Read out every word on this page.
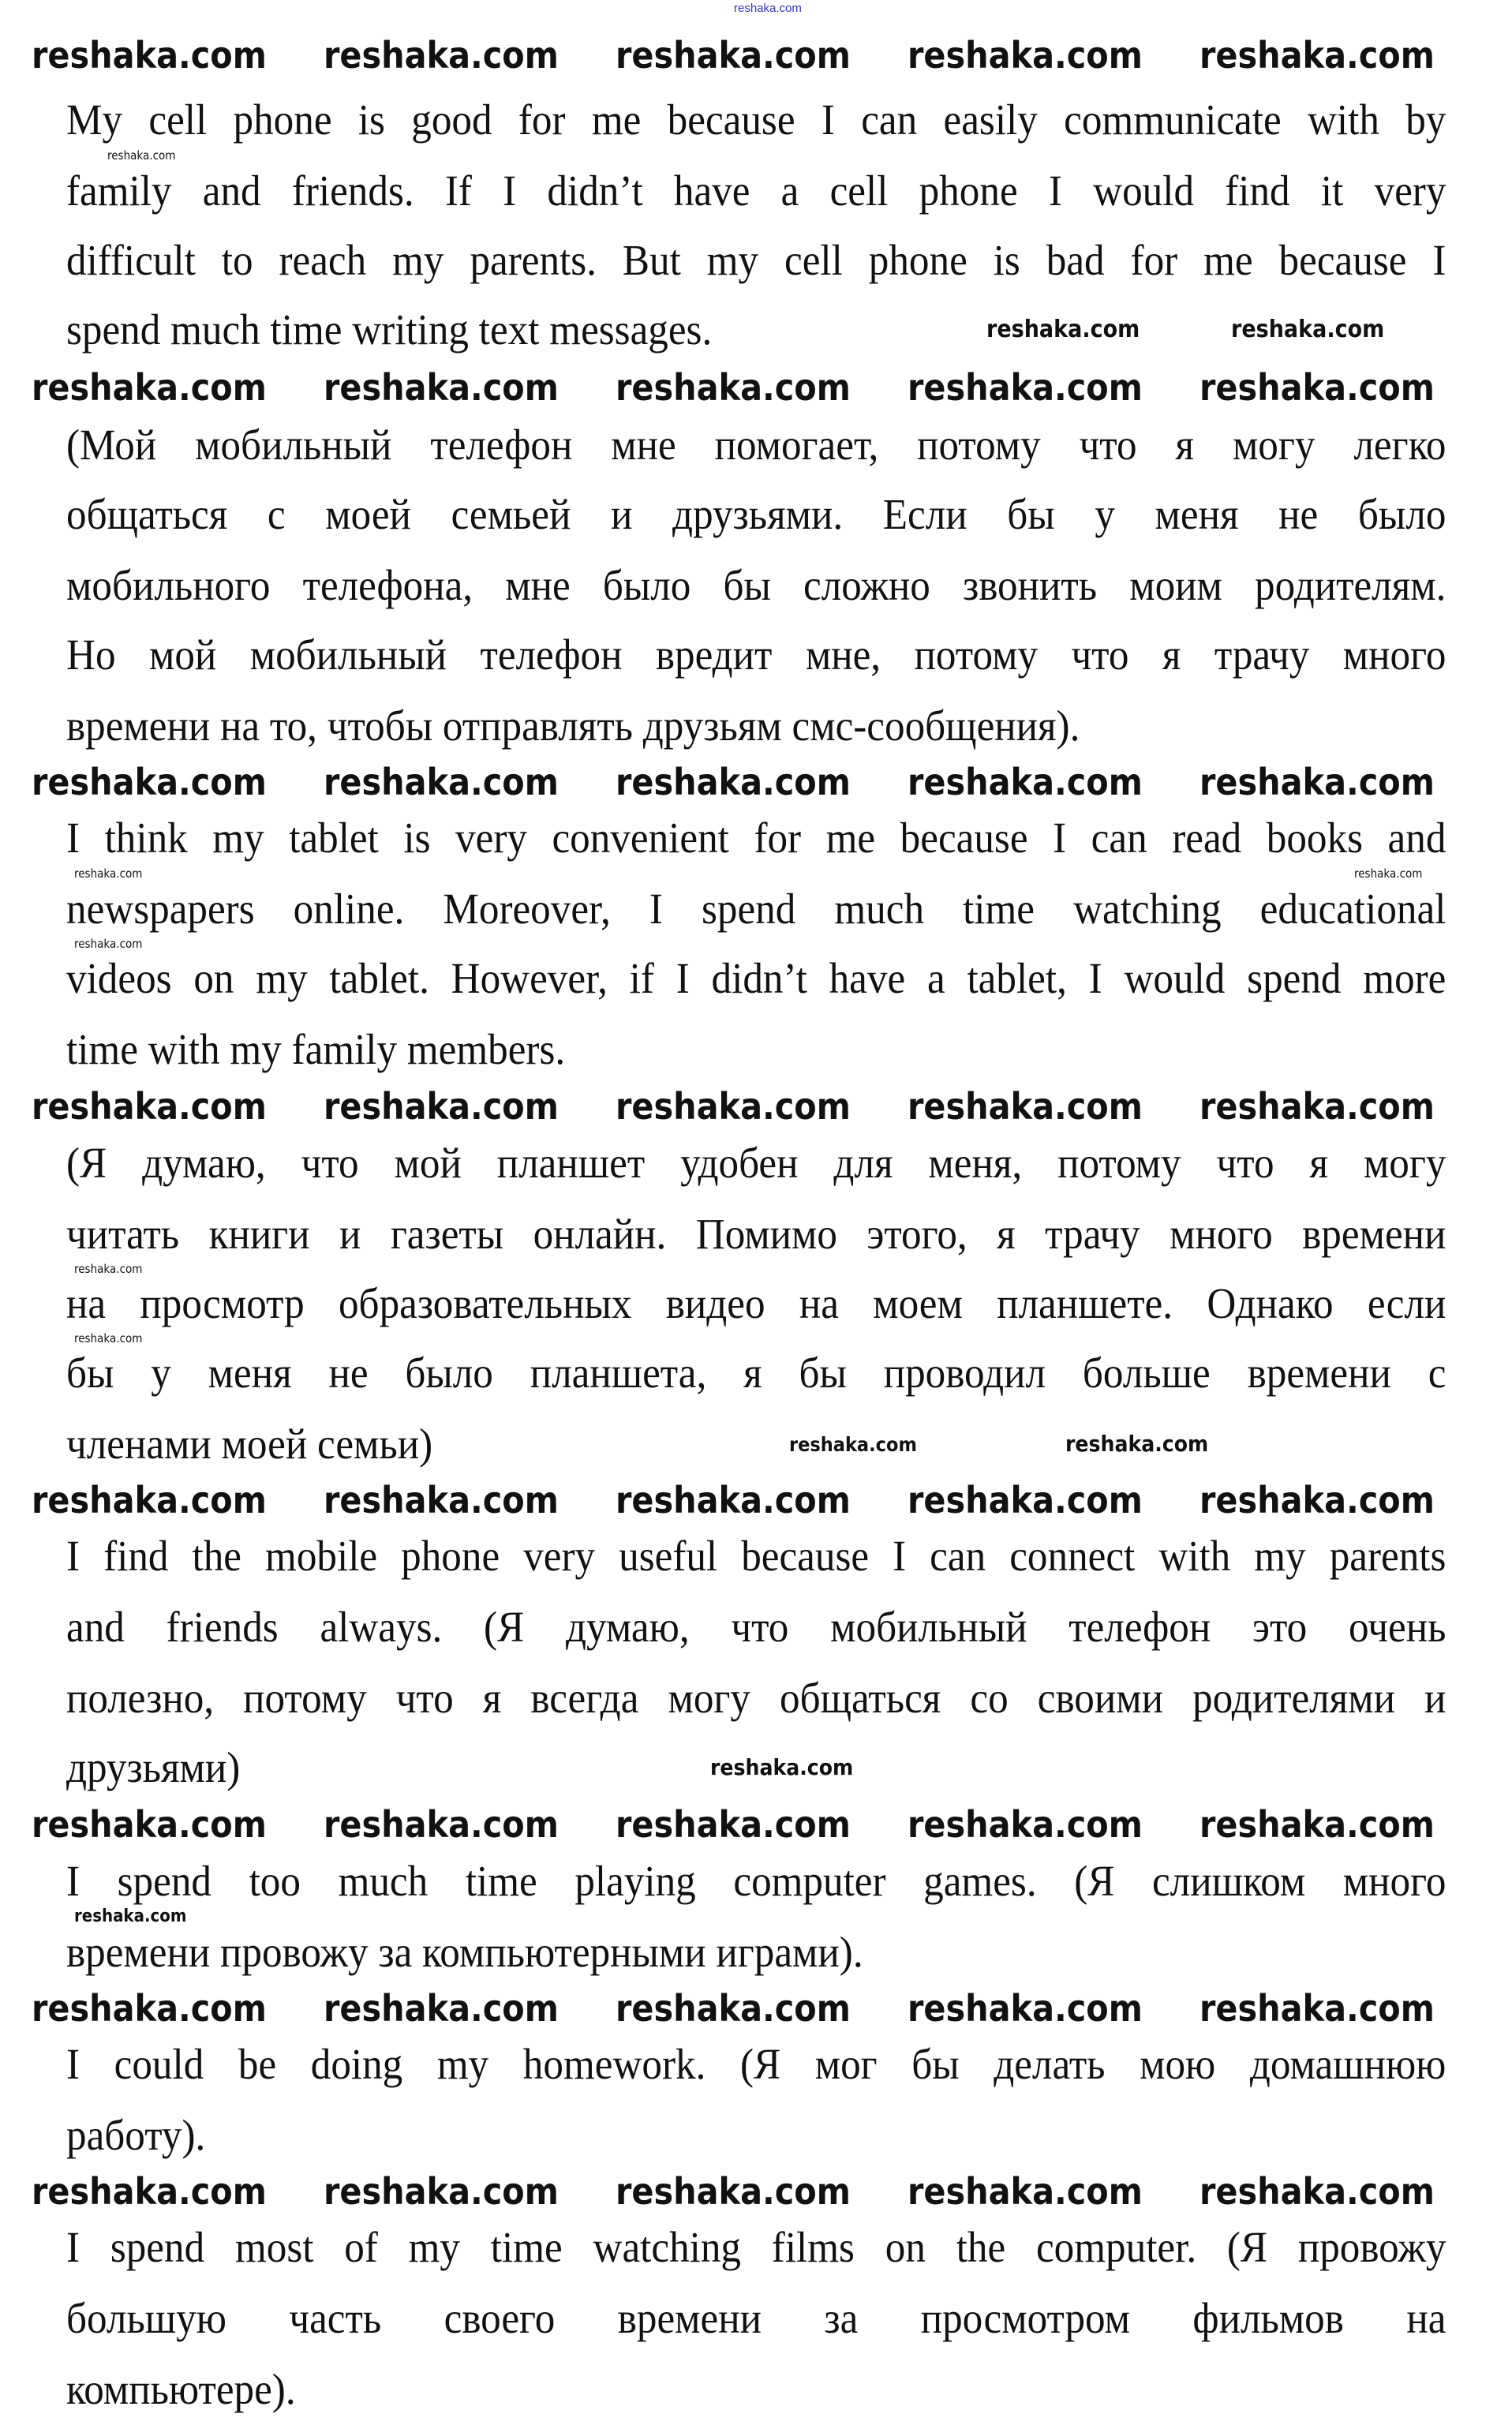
reshaka.com
My cell phone is good for me because I can easily communicate with by
family and friends. If I didn’t have a cell phone I would find it very
difficult to reach my parents. But my cell phone is bad for me because I
spend much time writing text messages.
(Мой мобильный телефон мне помогает, потому что я могу легко
общаться с моей семьей и друзьями. Если бы у меня не было
мобильного телефона, мне было бы сложно звонить моим родителям.
Но мой мобильный телефон вредит мне, потому что я трачу много
времени на то, чтобы отправлять друзьям смс-сообщения).
I think my tablet is very convenient for me because I can read books and
newspapers online. Moreover, I spend much time watching educational
videos on my tablet. However, if I didn’t have a tablet, I would spend more
time with my family members.
(Я думаю, что мой планшет удобен для меня, потому что я могу
читать книги и газеты онлайн. Помимо этого, я трачу много времени
на просмотр образовательных видео на моем планшете. Однако если
бы у меня не было планшета, я бы проводил больше времени с
членами моей семьи)
I find the mobile phone very useful because I can connect with my parents
and friends always. (Я думаю, что мобильный телефон это очень
полезно, потому что я всегда могу общаться со своими родителями и
друзьями)
I spend too much time playing computer games. (Я слишком много
времени провожу за компьютерными играми).
I could be doing my homework. (Я мог бы делать мою домашнюю
работу).
I spend most of my time watching films on the computer. (Я провожу
большую часть своего времени за просмотром фильмов на
компьютере).
reshaka.com reshaka.com reshaka.com reshaka.com reshaka.com
reshaka.com reshaka.com reshaka.com reshaka.com reshaka.com
reshaka.com reshaka.com reshaka.com reshaka.com reshaka.com
reshaka.com reshaka.com reshaka.com reshaka.com reshaka.com
reshaka.com reshaka.com reshaka.com reshaka.com reshaka.com
reshaka.com reshaka.com reshaka.com reshaka.com reshaka.com
reshaka.com reshaka.com reshaka.com reshaka.com reshaka.com
reshaka.com reshaka.com reshaka.com reshaka.com reshaka.com
reshaka.com	reshaka.com
reshaka.com	reshaka.com
reshaka.com
reshaka.com
reshaka.com
reshaka.com
reshaka.com
reshaka.com
reshaka.com
reshaka.com
